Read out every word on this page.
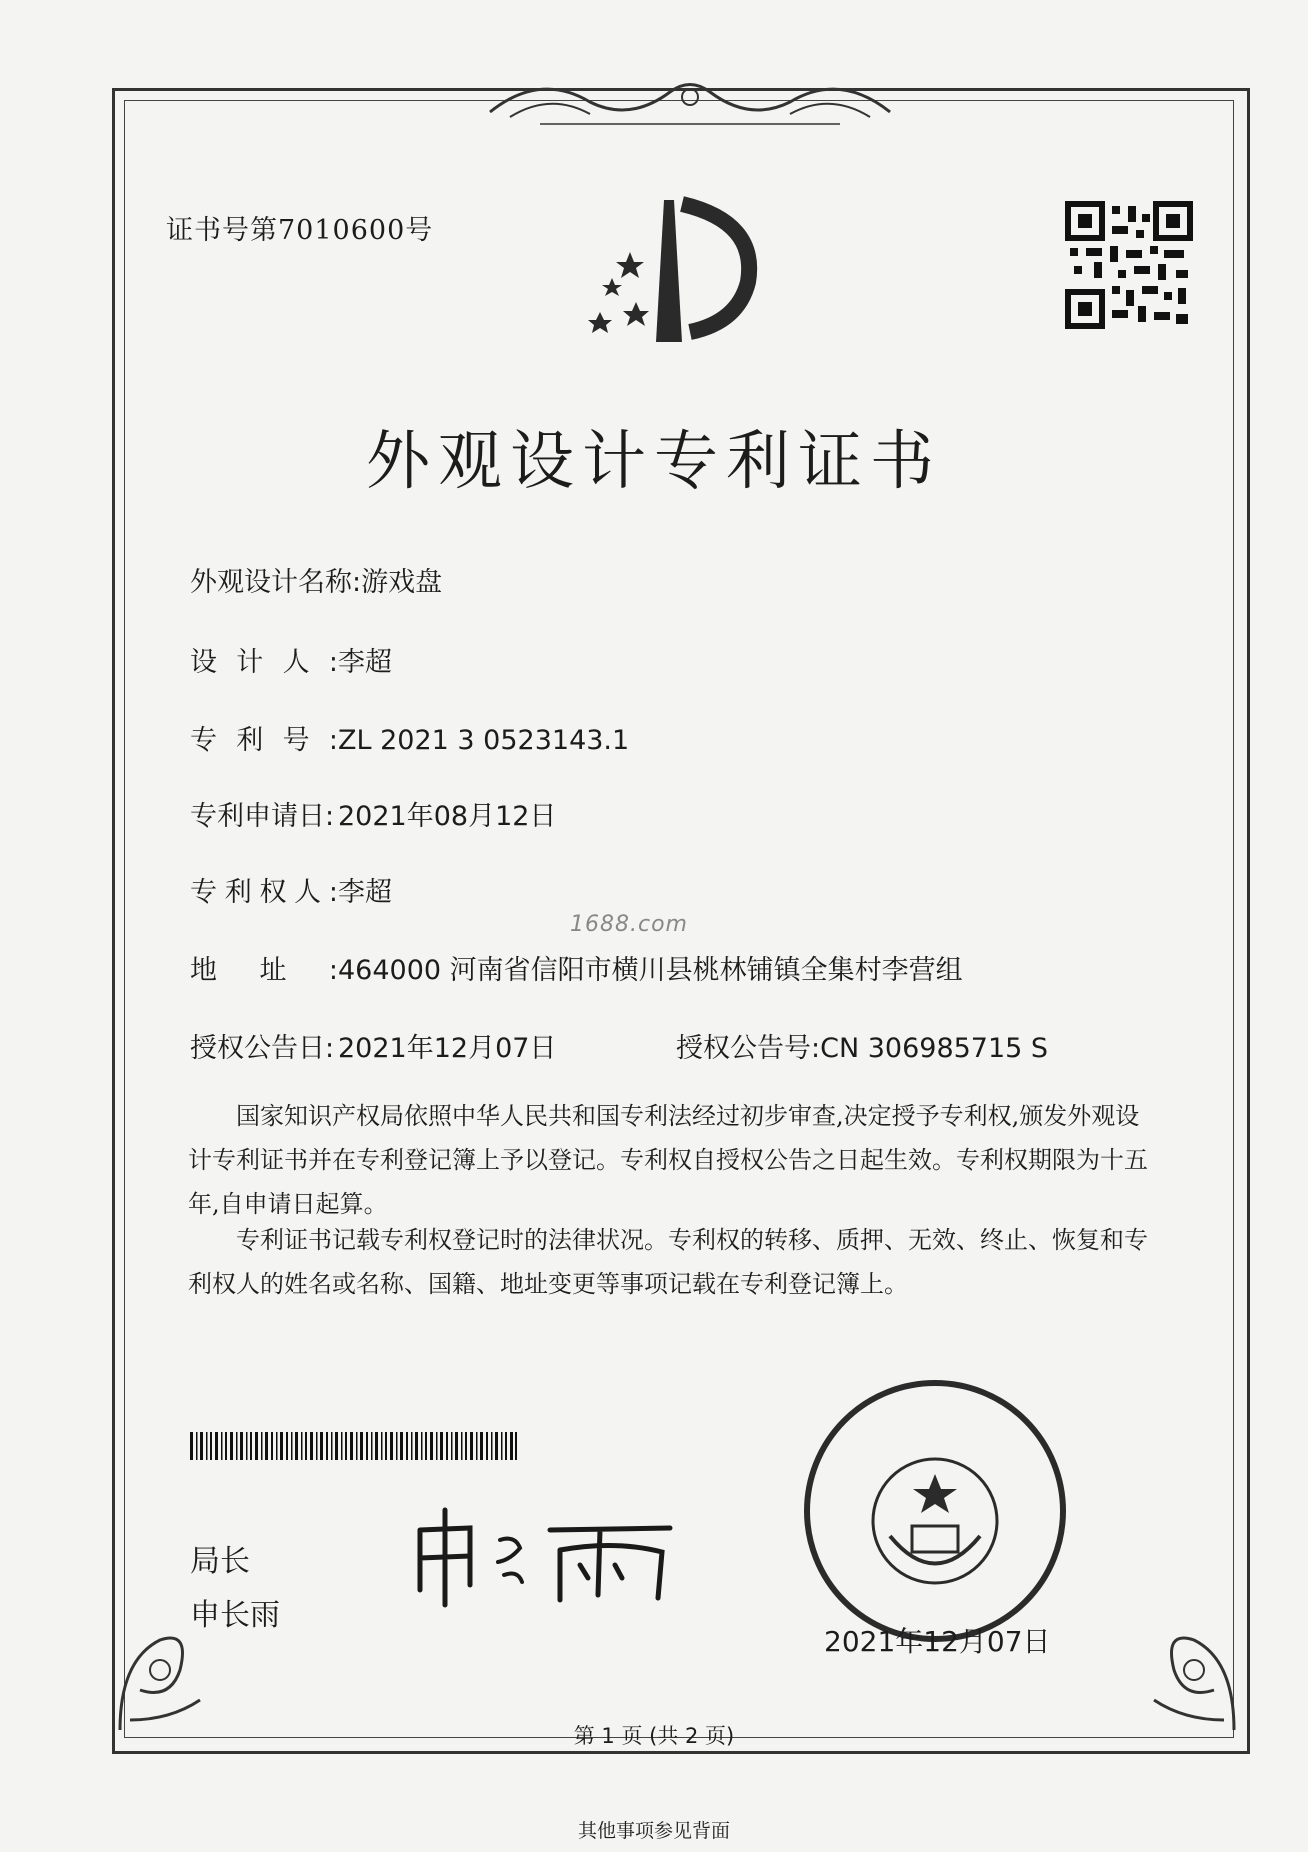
证书号第7010600号
外观设计专利证书
外观设计名称:游戏盘
设计人:李超
专利号:ZL 2021 3 0523143.1
专利申请日: 2021年08月12日
专利权人:李超
1688.com
地址:464000 河南省信阳市横川县桃林铺镇全集村李营组
授权公告日: 2021年12月07日	授权公告号:CN 306985715 S
国家知识产权局依照中华人民共和国专利法经过初步审查,决定授予专利权,颁发外观设计专利证书并在专利登记簿上予以登记。专利权自授权公告之日起生效。专利权期限为十五年,自申请日起算。
专利证书记载专利权登记时的法律状况。专利权的转移、质押、无效、终止、恢复和专利权人的姓名或名称、国籍、地址变更等事项记载在专利登记簿上。
局长
申长雨
2021年12月07日
第 1 页 (共 2 页)
其他事项参见背面
